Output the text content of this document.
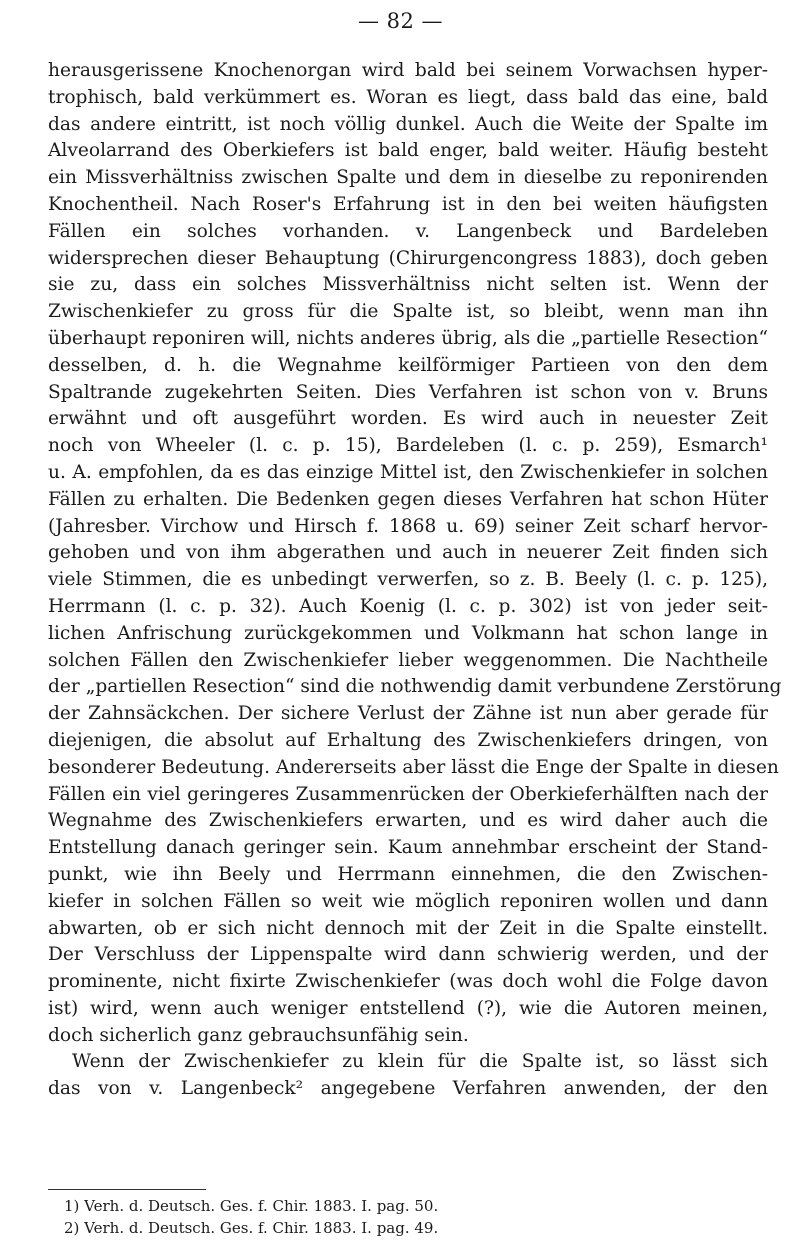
— 82 —
herausgerissene Knochenorgan wird bald bei seinem Vorwachsen hyper-
trophisch, bald verkümmert es. Woran es liegt, dass bald das eine, bald
das andere eintritt, ist noch völlig dunkel. Auch die Weite der Spalte im
Alveolarrand des Oberkiefers ist bald enger, bald weiter. Häufig besteht
ein Missverhältniss zwischen Spalte und dem in dieselbe zu reponirenden
Knochentheil. Nach Roser's Erfahrung ist in den bei weiten häufigsten
Fällen ein solches vorhanden. v. Langenbeck und Bardeleben
widersprechen dieser Behauptung (Chirurgencongress 1883), doch geben
sie zu, dass ein solches Missverhältniss nicht selten ist. Wenn der
Zwischenkiefer zu gross für die Spalte ist, so bleibt, wenn man ihn
überhaupt reponiren will, nichts anderes übrig, als die „partielle Resection“
desselben, d. h. die Wegnahme keilförmiger Partieen von den dem
Spaltrande zugekehrten Seiten. Dies Verfahren ist schon von v. Bruns
erwähnt und oft ausgeführt worden. Es wird auch in neuester Zeit
noch von Wheeler (l. c. p. 15), Bardeleben (l. c. p. 259), Esmarch¹
u. A. empfohlen, da es das einzige Mittel ist, den Zwischenkiefer in solchen
Fällen zu erhalten. Die Bedenken gegen dieses Verfahren hat schon Hüter
(Jahresber. Virchow und Hirsch f. 1868 u. 69) seiner Zeit scharf hervor-
gehoben und von ihm abgerathen und auch in neuerer Zeit finden sich
viele Stimmen, die es unbedingt verwerfen, so z. B. Beely (l. c. p. 125),
Herrmann (l. c. p. 32). Auch Koenig (l. c. p. 302) ist von jeder seit-
lichen Anfrischung zurückgekommen und Volkmann hat schon lange in
solchen Fällen den Zwischenkiefer lieber weggenommen. Die Nachtheile
der „partiellen Resection“ sind die nothwendig damit verbundene Zerstörung
der Zahnsäckchen. Der sichere Verlust der Zähne ist nun aber gerade für
diejenigen, die absolut auf Erhaltung des Zwischenkiefers dringen, von
besonderer Bedeutung. Andererseits aber lässt die Enge der Spalte in diesen
Fällen ein viel geringeres Zusammenrücken der Oberkieferhälften nach der
Wegnahme des Zwischenkiefers erwarten, und es wird daher auch die
Entstellung danach geringer sein. Kaum annehmbar erscheint der Stand-
punkt, wie ihn Beely und Herrmann einnehmen, die den Zwischen-
kiefer in solchen Fällen so weit wie möglich reponiren wollen und dann
abwarten, ob er sich nicht dennoch mit der Zeit in die Spalte einstellt.
Der Verschluss der Lippenspalte wird dann schwierig werden, und der
prominente, nicht fixirte Zwischenkiefer (was doch wohl die Folge davon
ist) wird, wenn auch weniger entstellend (?), wie die Autoren meinen,
doch sicherlich ganz gebrauchsunfähig sein.
Wenn der Zwischenkiefer zu klein für die Spalte ist, so lässt sich
das von v. Langenbeck² angegebene Verfahren anwenden, der den
1) Verh. d. Deutsch. Ges. f. Chir. 1883. I. pag. 50.
2) Verh. d. Deutsch. Ges. f. Chir. 1883. I. pag. 49.
